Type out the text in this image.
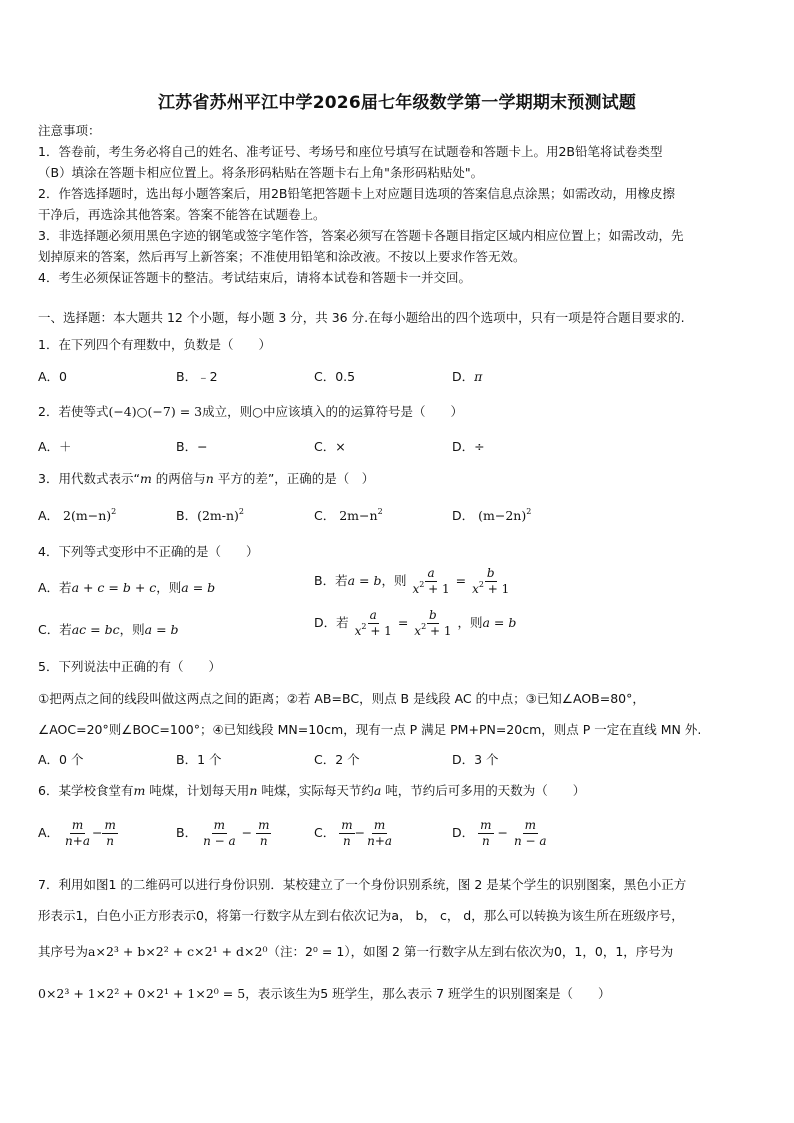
江苏省苏州平江中学2026届七年级数学第一学期期末预测试题
注意事项：
1．答卷前，考生务必将自己的姓名、准考证号、考场号和座位号填写在试题卷和答题卡上。用2B铅笔将试卷类型
（B）填涂在答题卡相应位置上。将条形码粘贴在答题卡右上角"条形码粘贴处"。
2．作答选择题时，选出每小题答案后，用2B铅笔把答题卡上对应题目选项的答案信息点涂黑；如需改动，用橡皮擦
干净后，再选涂其他答案。答案不能答在试题卷上。
3．非选择题必须用黑色字迹的钢笔或签字笔作答，答案必须写在答题卡各题目指定区域内相应位置上；如需改动，先
划掉原来的答案，然后再写上新答案；不准使用铅笔和涂改液。不按以上要求作答无效。
4．考生必须保证答题卡的整洁。考试结束后，请将本试卷和答题卡一并交回。
一、选择题：本大题共 12 个小题，每小题 3 分，共 36 分.在每小题给出的四个选项中，只有一项是符合题目要求的.
1．在下列四个有理数中，负数是（　　）
A．0	B．﹣2	C．0.5	D．π
2．若使等式(−4)○(−7) = 3成立，则○中应该填入的的运算符号是（　　）
A．＋	B．−	C．×	D．÷
3．用代数式表示“m 的两倍与n 平方的差”，正确的是（　）
A． $2(m-n)^2$	B．$(2m-n)^2$	C． $2m-n^2$	D． $(m-2n)^2$
4．下列等式变形中不正确的是（　　）
A．若a + c = b + c，则a = b	B．若a = b，则 $\frac{a}{x^2 + 1} = \frac{b}{x^2 + 1}$
C．若ac = bc，则a = b	D．若 $\frac{a}{x^2 + 1} = \frac{b}{x^2 + 1}$ ，则a = b
5．下列说法中正确的有（　　）
①把两点之间的线段叫做这两点之间的距离；②若 AB=BC，则点 B 是线段 AC 的中点；③已知∠AOB=80°，
∠AOC=20°则∠BOC=100°；④已知线段 MN=10cm，现有一点 P 满足 PM+PN=20cm，则点 P 一定在直线 MN 外.
A．0 个	B．1 个	C．2 个	D．3 个
6．某学校食堂有m 吨煤，计划每天用n 吨煤，实际每天节约a 吨，节约后可多用的天数为（　　）
A． $\frac{m}{n+a} - \frac{m}{n}$	B． $\frac{m}{n - a} - \frac{m}{n}$	C． $\frac{m}{n} - \frac{m}{n+a}$	D． $\frac{m}{n} - \frac{m}{n - a}$
7．利用如图1 的二维码可以进行身份识别．某校建立了一个身份识别系统，图 2 是某个学生的识别图案，黑色小正方
形表示1，白色小正方形表示0，将第一行数字从左到右依次记为a， b， c， d，那么可以转换为该生所在班级序号，
其序号为a×2³ + b×2² + c×2¹ + d×2⁰（注：2⁰ = 1），如图 2 第一行数字从左到右依次为0，1，0，1，序号为
0×2³ + 1×2² + 0×2¹ + 1×2⁰ = 5，表示该生为5 班学生，那么表示 7 班学生的识别图案是（　　）
